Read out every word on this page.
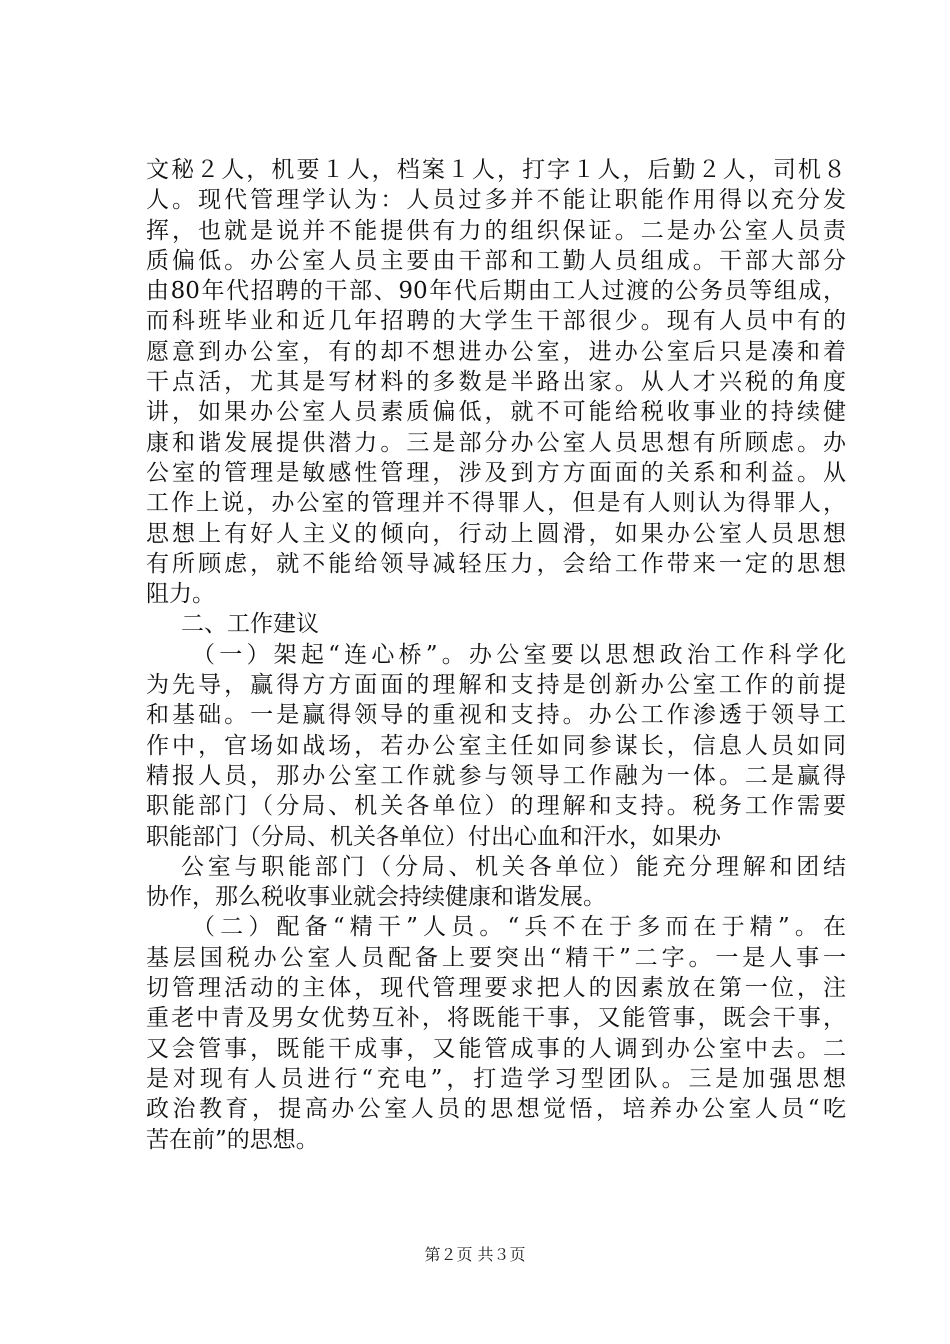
文秘２人，机要１人，档案１人，打字１人，后勤２人，司机８
人。现代管理学认为：人员过多并不能让职能作用得以充分发
挥，也就是说并不能提供有力的组织保证。二是办公室人员责
质偏低。办公室人员主要由干部和工勤人员组成。干部大部分
由80年代招聘的干部、90年代后期由工人过渡的公务员等组成，
而科班毕业和近几年招聘的大学生干部很少。现有人员中有的
愿意到办公室，有的却不想进办公室，进办公室后只是凑和着
干点活，尤其是写材料的多数是半路出家。从人才兴税的角度
讲，如果办公室人员素质偏低，就不可能给税收事业的持续健
康和谐发展提供潜力。三是部分办公室人员思想有所顾虑。办
公室的管理是敏感性管理，涉及到方方面面的关系和利益。从
工作上说，办公室的管理并不得罪人，但是有人则认为得罪人，
思想上有好人主义的倾向，行动上圆滑，如果办公室人员思想
有所顾虑，就不能给领导减轻压力，会给工作带来一定的思想
阻力。
二、工作建议
（一）架起“连心桥”。办公室要以思想政治工作科学化
为先导，赢得方方面面的理解和支持是创新办公室工作的前提
和基础。一是赢得领导的重视和支持。办公工作渗透于领导工
作中，官场如战场，若办公室主任如同参谋长，信息人员如同
精报人员，那办公室工作就参与领导工作融为一体。二是赢得
职能部门（分局、机关各单位）的理解和支持。税务工作需要
职能部门（分局、机关各单位）付出心血和汗水，如果办
公室与职能部门（分局、机关各单位）能充分理解和团结
协作，那么税收事业就会持续健康和谐发展。
（二）配备“精干”人员。“兵不在于多而在于精”。在
基层国税办公室人员配备上要突出“精干”二字。一是人事一
切管理活动的主体，现代管理要求把人的因素放在第一位，注
重老中青及男女优势互补，将既能干事，又能管事，既会干事，
又会管事，既能干成事，又能管成事的人调到办公室中去。二
是对现有人员进行“充电”，打造学习型团队。三是加强思想
政治教育，提高办公室人员的思想觉悟，培养办公室人员“吃
苦在前”的思想。
第２页 共３页
